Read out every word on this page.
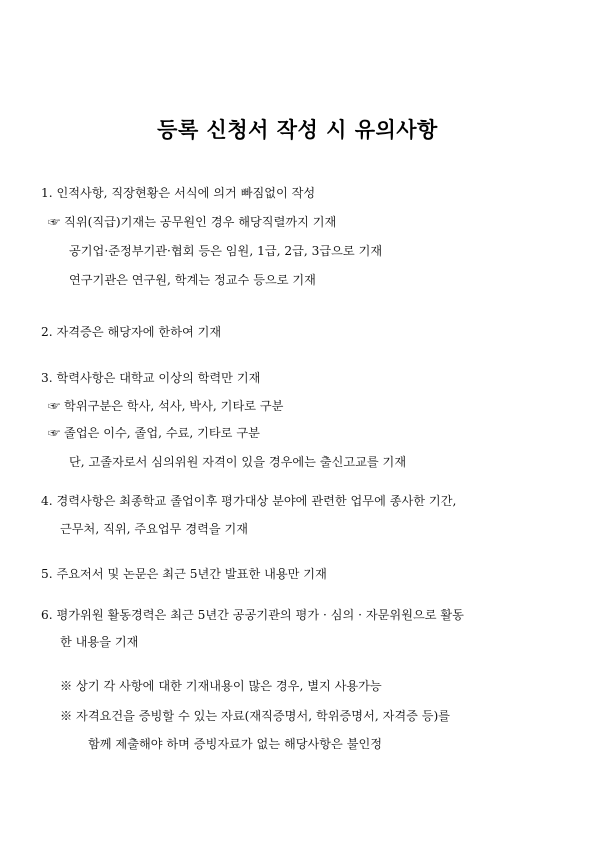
등록 신청서 작성 시 유의사항
1. 인적사항, 직장현황은 서식에 의거 빠짐없이 작성
☞ 직위(직급)기재는 공무원인 경우 해당직렬까지 기재
공기업·준정부기관·협회 등은 임원, 1급, 2급, 3급으로 기재
연구기관은 연구원, 학계는 정교수 등으로 기재
2. 자격증은 해당자에 한하여 기재
3. 학력사항은 대학교 이상의 학력만 기재
☞ 학위구분은 학사, 석사, 박사, 기타로 구분
☞ 졸업은 이수, 졸업, 수료, 기타로 구분
단, 고졸자로서 심의위원 자격이 있을 경우에는 출신고교를 기재
4. 경력사항은 최종학교 졸업이후 평가대상 분야에 관련한 업무에 종사한 기간,
근무처, 직위, 주요업무 경력을 기재
5. 주요저서 및 논문은 최근 5년간 발표한 내용만 기재
6. 평가위원 활동경력은 최근 5년간 공공기관의 평가 · 심의 · 자문위원으로 활동
한 내용을 기재
※ 상기 각 사항에 대한 기재내용이 많은 경우, 별지 사용가능
※ 자격요건을 증빙할 수 있는 자료(재직증명서, 학위증명서, 자격증 등)를
함께 제출해야 하며 증빙자료가 없는 해당사항은 불인정
